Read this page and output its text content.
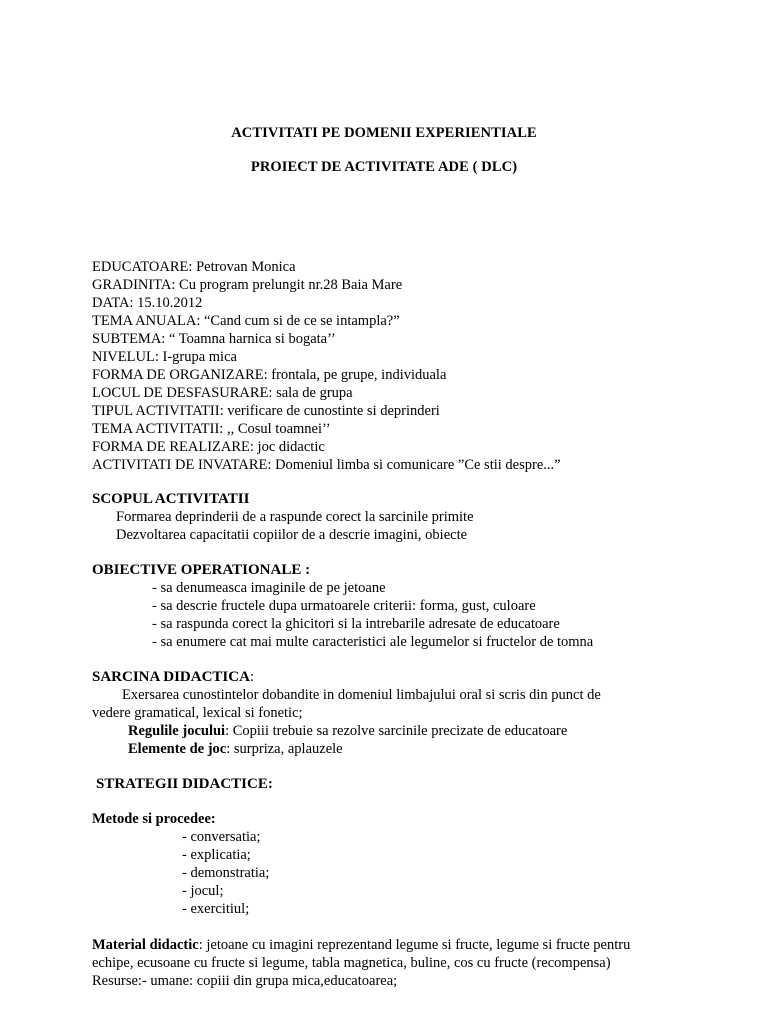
ACTIVITATI PE DOMENII EXPERIENTIALE
PROIECT DE ACTIVITATE ADE ( DLC)
EDUCATOARE: Petrovan Monica
GRADINITA: Cu program prelungit nr.28 Baia Mare
DATA: 15.10.2012
TEMA ANUALA: “Cand cum si de ce se intampla?”
SUBTEMA: “ Toamna harnica si bogata’’
NIVELUL: I-grupa mica
FORMA DE ORGANIZARE: frontala, pe grupe, individuala
LOCUL DE DESFASURARE: sala de grupa
TIPUL ACTIVITATII: verificare de cunostinte si deprinderi
TEMA ACTIVITATII: ,, Cosul toamnei’’
FORMA DE REALIZARE: joc didactic
ACTIVITATI DE INVATARE: Domeniul limba si comunicare ”Ce stii despre...”
SCOPUL ACTIVITATII
Formarea deprinderii de a raspunde corect la sarcinile primite
Dezvoltarea capacitatii copiilor de a descrie imagini, obiecte
OBIECTIVE OPERATIONALE :
- sa denumeasca imaginile de pe jetoane
- sa descrie fructele dupa urmatoarele criterii: forma, gust, culoare
- sa raspunda corect la ghicitori si la intrebarile adresate de educatoare
- sa enumere cat mai multe caracteristici ale legumelor si fructelor de tomna
SARCINA DIDACTICA:
Exersarea cunostintelor dobandite in domeniul limbajului oral si scris din punct de
vedere gramatical, lexical si fonetic;
Regulile jocului: Copiii trebuie sa rezolve sarcinile precizate de educatoare
Elemente de joc: surpriza, aplauzele
STRATEGII DIDACTICE:
Metode si procedee:
- conversatia;
- explicatia;
- demonstratia;
- jocul;
- exercitiul;
Material didactic: jetoane cu imagini reprezentand legume si fructe, legume si fructe pentru
echipe, ecusoane cu fructe si legume, tabla magnetica, buline, cos cu fructe (recompensa)
Resurse:- umane: copiii din grupa mica,educatoarea;
